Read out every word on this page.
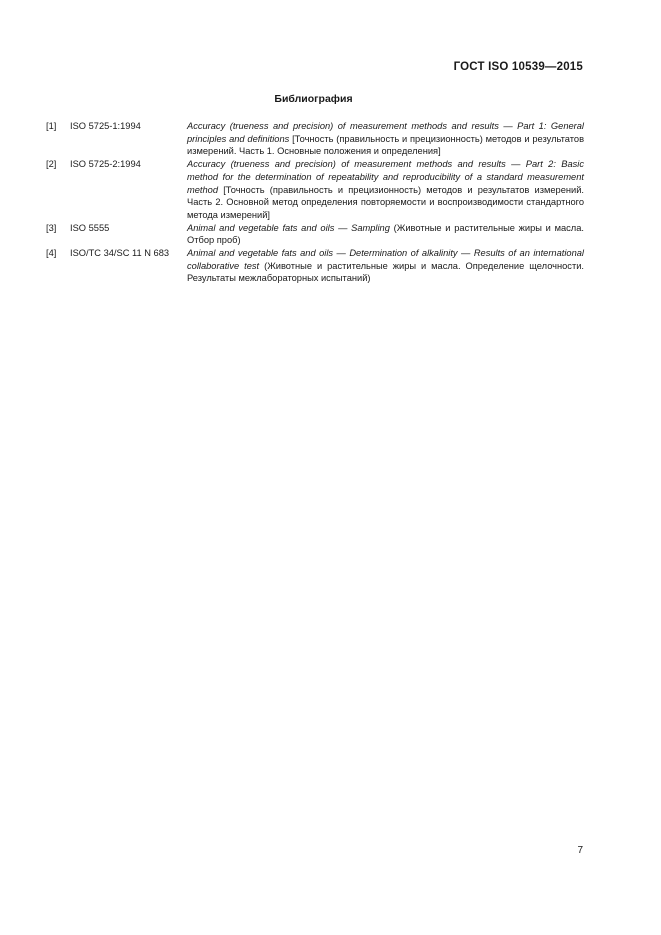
ГОСТ ISO 10539—2015
Библиография
[1]	ISO 5725-1:1994	Accuracy (trueness and precision) of measurement methods and results — Part 1: General principles and definitions [Точность (правильность и прецизионность) методов и результатов измерений. Часть 1. Основные положения и определения]
[2]	ISO 5725-2:1994	Accuracy (trueness and precision) of measurement methods and results — Part 2: Basic method for the determination of repeatability and reproducibility of a standard measurement method [Точность (правильность и прецизионность) методов и результатов измерений. Часть 2. Основной метод определения повторяемости и воспроизводимости стандартного метода измерений]
[3]	ISO 5555	Animal and vegetable fats and oils — Sampling (Животные и растительные жиры и масла. Отбор проб)
[4]	ISO/TC 34/SC 11 N 683	Animal and vegetable fats and oils — Determination of alkalinity — Results of an international collaborative test (Животные и растительные жиры и масла. Определение щелочности. Результаты межлабораторных испытаний)
7
